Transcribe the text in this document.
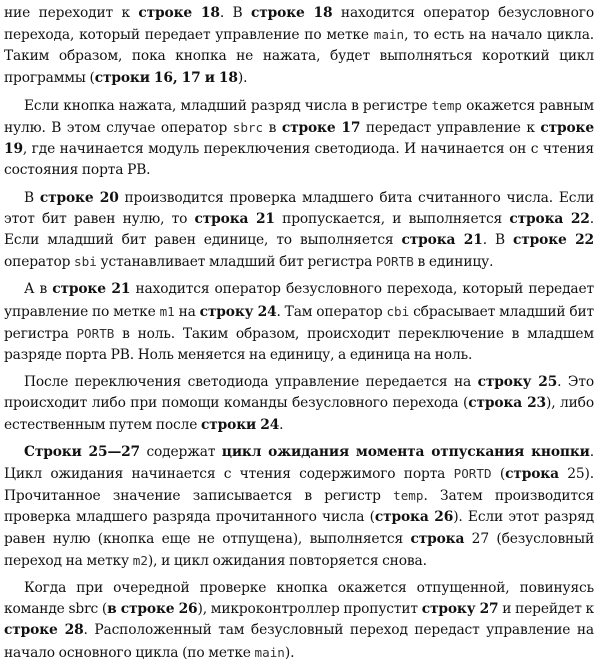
ние переходит к строке 18. В строке 18 находится оператор безусловного перехода, который передает управление по метке main, то есть на начало цикла. Таким образом, пока кнопка не нажата, будет выполняться короткий цикл программы (строки 16, 17 и 18).

Если кнопка нажата, младший разряд числа в регистре temp окажется равным нулю. В этом случае оператор sbrc в строке 17 передаст управление к строке 19, где начинается модуль переключения светодиода. И начинается он с чтения состояния порта PB.

В строке 20 производится проверка младшего бита считанного числа. Если этот бит равен нулю, то строка 21 пропускается, и выполняется строка 22. Если младший бит равен единице, то выполняется строка 21. В строке 22 оператор sbi устанавливает младший бит регистра PORTB в единицу.

А в строке 21 находится оператор безусловного перехода, который передает управление по метке m1 на строку 24. Там оператор cbi сбрасывает младший бит регистра PORTB в ноль. Таким образом, происходит переключение в младшем разряде порта PB. Ноль меняется на единицу, а единица на ноль.

После переключения светодиода управление передается на строку 25. Это происходит либо при помощи команды безусловного перехода (строка 23), либо естественным путем после строки 24.

Строки 25—27 содержат цикл ожидания момента отпускания кнопки. Цикл ожидания начинается с чтения содержимого порта PORTD (строка 25). Прочитанное значение записывается в регистр temp. Затем производится проверка младшего разряда прочитанного числа (строка 26). Если этот разряд равен нулю (кнопка еще не отпущена), выполняется строка 27 (безусловный переход на метку m2), и цикл ожидания повторяется снова.

Когда при очередной проверке кнопка окажется отпущенной, повинуясь команде sbrc (в строке 26), микроконтроллер пропустит строку 27 и перейдет к строке 28. Расположенный там безусловный переход передаст управление на начало основного цикла (по метке main).
